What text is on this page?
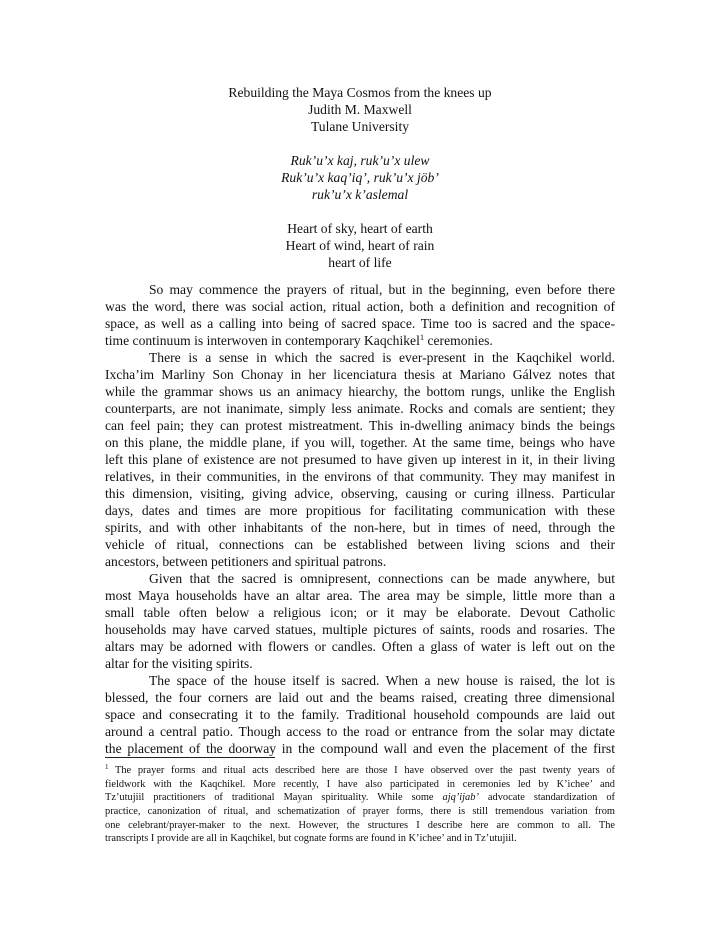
Rebuilding the Maya Cosmos from the knees up
Judith M. Maxwell
Tulane University
Ruk’u’x kaj, ruk’u’x ulew
Ruk’u’x kaq’iq’, ruk’u’x jöb’
ruk’u’x k’aslemal
Heart of sky, heart of earth
Heart of wind, heart of rain
heart of life
So may commence the prayers of ritual, but in the beginning, even before there
was the word, there was social action, ritual action, both a definition and recognition of
space, as well as a calling into being of sacred space. Time too is sacred and the space-
time continuum is interwoven in contemporary Kaqchikel$^1$ ceremonies.
There is a sense in which the sacred is ever-present in the Kaqchikel world.
Ixcha’im Marliny Son Chonay in her licenciatura thesis at Mariano Gálvez notes that
while the grammar shows us an animacy hiearchy, the bottom rungs, unlike the English
counterparts, are not inanimate, simply less animate. Rocks and comals are sentient; they
can feel pain; they can protest mistreatment. This in-dwelling animacy binds the beings
on this plane, the middle plane, if you will, together. At the same time, beings who have
left this plane of existence are not presumed to have given up interest in it, in their living
relatives, in their communities, in the environs of that community. They may manifest in
this dimension, visiting, giving advice, observing, causing or curing illness. Particular
days, dates and times are more propitious for facilitating communication with these
spirits, and with other inhabitants of the non-here, but in times of need, through the
vehicle of ritual, connections can be established between living scions and their
ancestors, between petitioners and spiritual patrons.
Given that the sacred is omnipresent, connections can be made anywhere, but
most Maya households have an altar area. The area may be simple, little more than a
small table often below a religious icon; or it may be elaborate. Devout Catholic
households may have carved statues, multiple pictures of saints, roods and rosaries. The
altars may be adorned with flowers or candles. Often a glass of water is left out on the
altar for the visiting spirits.
The space of the house itself is sacred. When a new house is raised, the lot is
blessed, the four corners are laid out and the beams raised, creating three dimensional
space and consecrating it to the family. Traditional household compounds are laid out
around a central patio. Though access to the road or entrance from the solar may dictate
the placement of the doorway in the compound wall and even the placement of the first
$^1$ The prayer forms and ritual acts described here are those I have observed over the past twenty years of
fieldwork with the Kaqchikel. More recently, I have also participated in ceremonies led by K’ichee’ and
Tz’utujiil practitioners of traditional Mayan spirituality. While some ajq’ijab’ advocate standardization of
practice, canonization of ritual, and schematization of prayer forms, there is still tremendous variation from
one celebrant/prayer-maker to the next. However, the structures I describe here are common to all. The
transcripts I provide are all in Kaqchikel, but cognate forms are found in K’ichee’ and in Tz’utujiil.
